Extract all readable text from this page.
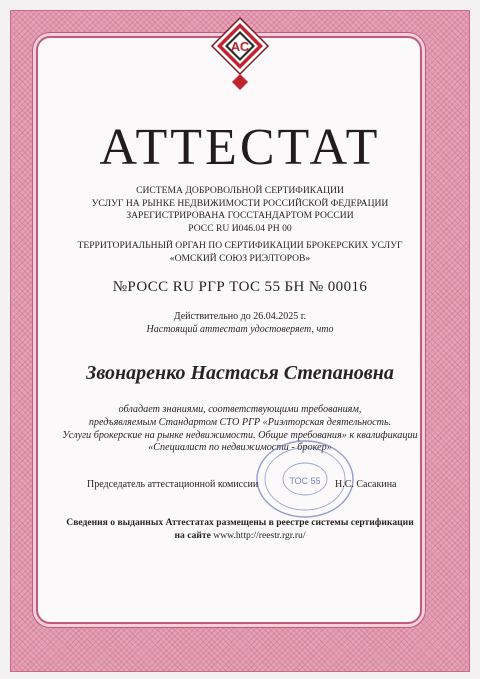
АС
АТТЕСТАТ
СИСТЕМА ДОБРОВОЛЬНОЙ СЕРТИФИКАЦИИ
УСЛУГ НА РЫНКЕ НЕДВИЖИМОСТИ РОССИЙСКОЙ ФЕДЕРАЦИИ
ЗАРЕГИСТРИРОВАНА ГОССТАНДАРТОМ РОССИИ
РОСС RU И046.04 РН 00
ТЕРРИТОРИАЛЬНЫЙ ОРГАН ПО СЕРТИФИКАЦИИ БРОКЕРСКИХ УСЛУГ
«ОМСКИЙ СОЮЗ РИЭЛТОРОВ»
№РОСС RU РГР ТОС 55 БН № 00016
Действительно до 26.04.2025 г.
Настоящий аттестат удостоверяет, что
Звонаренко Настасья Степановна
обладает знаниями, соответствующими требованиям,
предъявляемым Стандартом СТО РГР «Риэлторская деятельность.
Услуги брокерские на рынке недвижимости. Общие требования» к квалификации
«Специалист по недвижимости - брокер»
ТОС 55
Председатель аттестационной комиссии	Н.С. Сасакина
Сведения о выданных Аттестатах размещены в реестре системы сертификации
на сайте www.http://reestr.rgr.ru/
